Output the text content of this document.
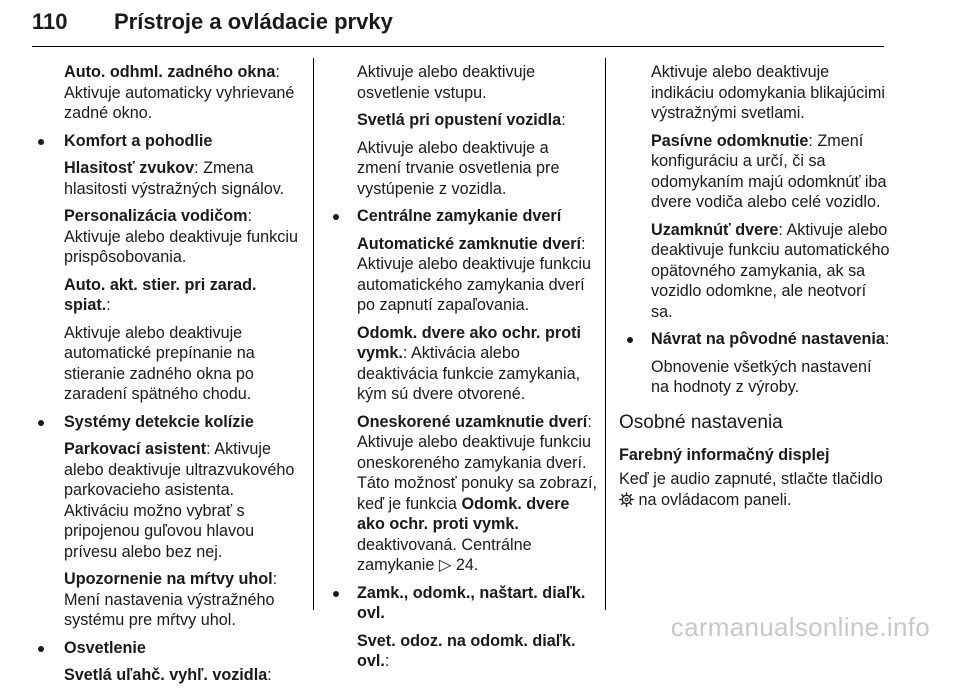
110 Prístroje a ovládacie prvky

Auto. odhml. zadného okna:
Aktivuje automaticky vyhrievané zadné okno.

Komfort a pohodlie

Hlasitosť zvukov: Zmena hlasitosti výstražných signálov.

Personalizácia vodičom: Aktivuje alebo deaktivuje funkciu prispôsobovania.

Auto. akt. stier. pri zarad. spiat.:

Aktivuje alebo deaktivuje automatické prepínanie na stieranie zadného okna po zaradení spätného chodu.

Systémy detekcie kolízie

Parkovací asistent: Aktivuje alebo deaktivuje ultrazvukového parkovacieho asistenta.
Aktiváciu možno vybrať s pripojenou guľovou hlavou prívesu alebo bez nej.

Upozornenie na mŕtvy uhol: Mení nastavenia výstražného systému pre mŕtvy uhol.

Osvetlenie

Svetlá uľahč. vyhľ. vozidla:

Aktivuje alebo deaktivuje osvetlenie vstupu.

Svetlá pri opustení vozidla:

Aktivuje alebo deaktivuje a zmení trvanie osvetlenia pre vystúpenie z vozidla.

Centrálne zamykanie dverí

Automatické zamknutie dverí: Aktivuje alebo deaktivuje funkciu automatického zamykania dverí po zapnutí zapaľovania.

Odomk. dvere ako ochr. proti vymk.: Aktivácia alebo deaktivácia funkcie zamykania, kým sú dvere otvorené.

Oneskorené uzamknutie dverí: Aktivuje alebo deaktivuje funkciu oneskoreného zamykania dverí. Táto možnosť ponuky sa zobrazí, keď je funkcia Odomk. dvere ako ochr. proti vymk. deaktivovaná. Centrálne zamykanie ▷ 24.

Zamk., odomk., naštart. diaľk. ovl.

Svet. odoz. na odomk. diaľk. ovl.:

Aktivuje alebo deaktivuje indikáciu odomykania blikajúcimi výstražnými svetlami.

Pasívne odomknutie: Zmení konfiguráciu a určí, či sa odomykaním majú odomknúť iba dvere vodiča alebo celé vozidlo.

Uzamknúť dvere: Aktivuje alebo deaktivuje funkciu automatického opätovného zamykania, ak sa vozidlo odomkne, ale neotvorí sa.

Návrat na pôvodné nastavenia:

Obnovenie všetkých nastavení na hodnoty z výroby.

Osobné nastavenia

Farebný informačný displej

Keď je audio zapnuté, stlačte tlačidlo  na ovládacom paneli.

carmanualsonline.info
